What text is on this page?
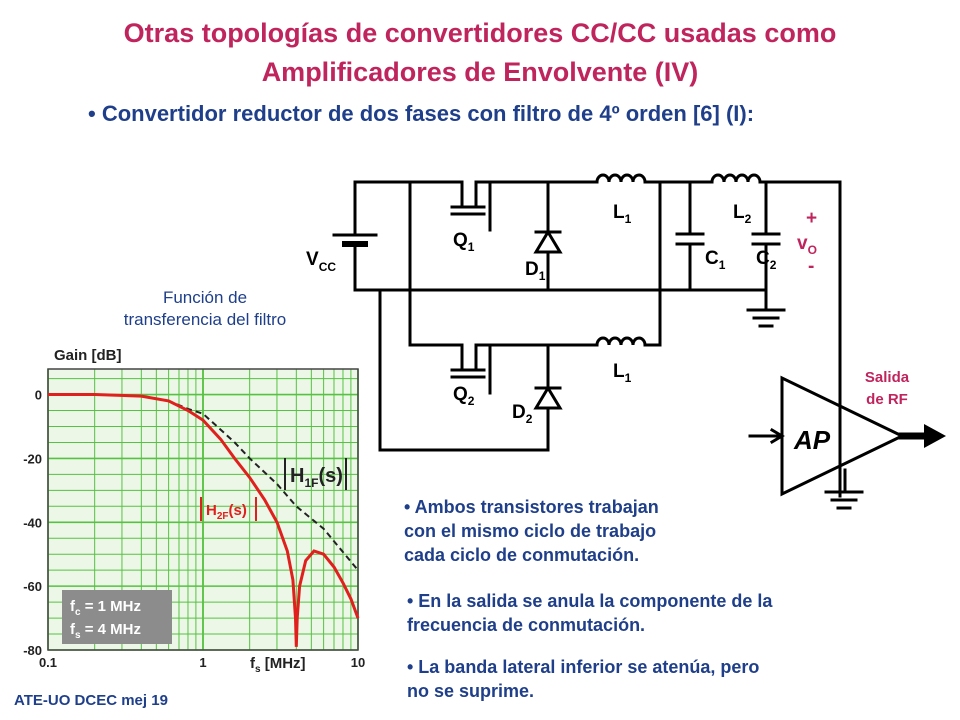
Otras topologías de convertidores CC/CC usadas como
Amplificadores de Envolvente (IV)
• Convertidor reductor de dos fases con filtro de 4º orden [6] (I):
Función de
transferencia del filtro
• Ambos transistores trabajan
con el mismo ciclo de trabajo
cada ciclo de conmutación.
• En la salida se anula la componente de la
frecuencia de conmutación.
• La banda lateral inferior se atenúa, pero
no se suprime.
Salida
de RF
ATE-UO DCEC mej 19
$V_{CC}$
$Q_1$
$Q_2$
$D_1$
$D_2$
$L_1$
$L_1$
$L_2$
$C_1$ $C_2$
+
$v_O$
-
AP
0
-20
-40
-60
-80
0.1	1	10
Gain [dB]
$f_s$ [MHz]
$H_{1F}(s)$
$H_{2F}(s)$
$f_c = 1$ MHz
$f_s = 4$ MHz
